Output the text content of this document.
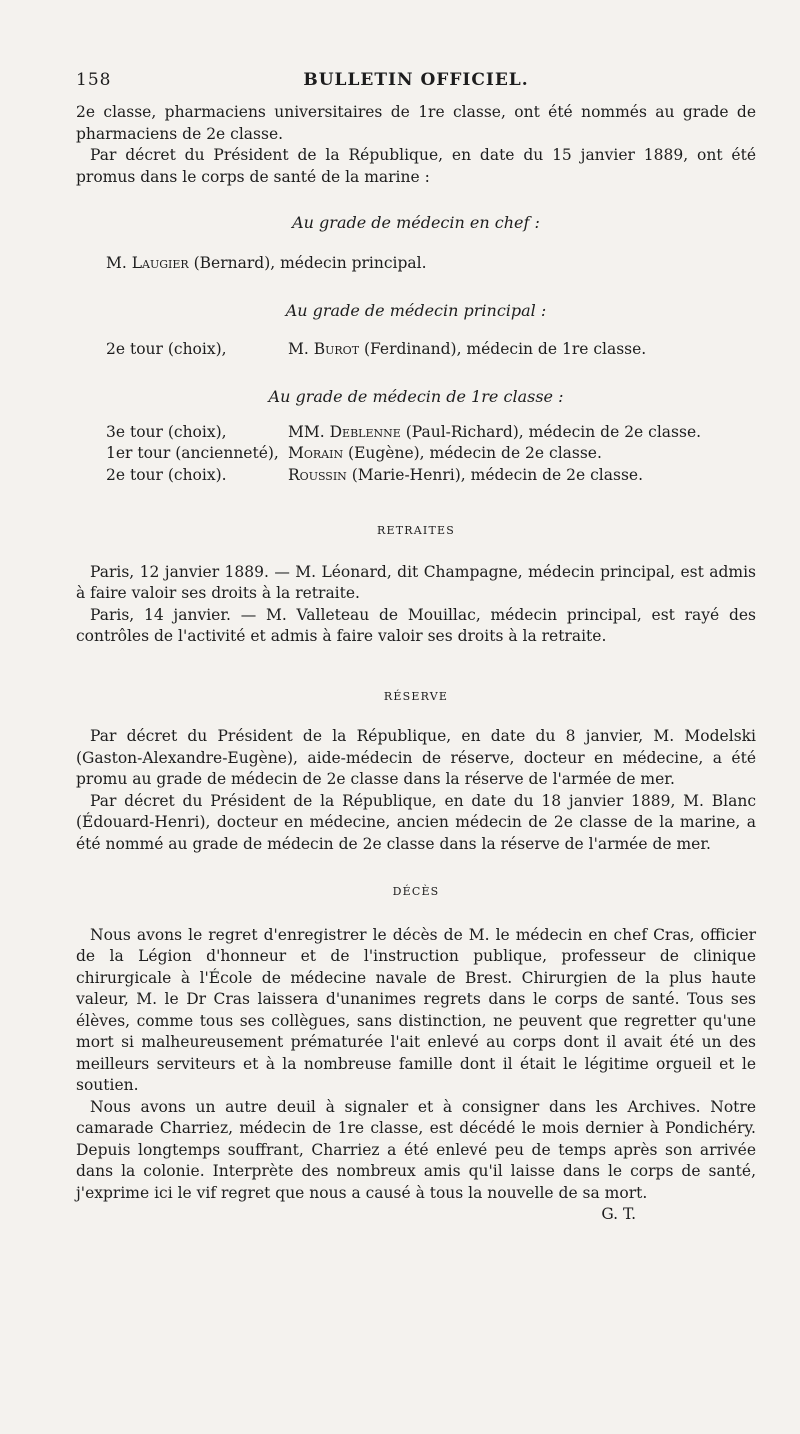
158	BULLETIN OFFICIEL.

2e classe, pharmaciens universitaires de 1re classe, ont été nommés au grade de pharmaciens de 2e classe.

Par décret du Président de la République, en date du 15 janvier 1889, ont été promus dans le corps de santé de la marine :

Au grade de médecin en chef :

M. Laugier (Bernard), médecin principal.

Au grade de médecin principal :

2e tour (choix),	M. Burot (Ferdinand), médecin de 1re classe.

Au grade de médecin de 1re classe :

3e tour (choix),	MM. Deblenne (Paul-Richard), médecin de 2e classe.
1er tour (ancienneté), Morain (Eugène), médecin de 2e classe.
2e tour (choix).	Roussin (Marie-Henri), médecin de 2e classe.

RETRAITES

Paris, 12 janvier 1889. — M. Léonard, dit Champagne, médecin principal, est admis à faire valoir ses droits à la retraite.

Paris, 14 janvier. — M. Valleteau de Mouillac, médecin principal, est rayé des contrôles de l'activité et admis à faire valoir ses droits à la retraite.

RÉSERVE

Par décret du Président de la République, en date du 8 janvier, M. Modelski (Gaston-Alexandre-Eugène), aide-médecin de réserve, docteur en médecine, a été promu au grade de médecin de 2e classe dans la réserve de l'armée de mer.

Par décret du Président de la République, en date du 18 janvier 1889, M. Blanc (Édouard-Henri), docteur en médecine, ancien médecin de 2e classe de la marine, a été nommé au grade de médecin de 2e classe dans la réserve de l'armée de mer.

DÉCÈS

Nous avons le regret d'enregistrer le décès de M. le médecin en chef Cras, officier de la Légion d'honneur et de l'instruction publique, professeur de clinique chirurgicale à l'École de médecine navale de Brest. Chirurgien de la plus haute valeur, M. le Dr Cras laissera d'unanimes regrets dans le corps de santé. Tous ses élèves, comme tous ses collègues, sans distinction, ne peuvent que regretter qu'une mort si malheureusement prématurée l'ait enlevé au corps dont il avait été un des meilleurs serviteurs et à la nombreuse famille dont il était le légitime orgueil et le soutien.

Nous avons un autre deuil à signaler et à consigner dans les Archives. Notre camarade Charriez, médecin de 1re classe, est décédé le mois dernier à Pondichéry. Depuis longtemps souffrant, Charriez a été enlevé peu de temps après son arrivée dans la colonie. Interprète des nombreux amis qu'il laisse dans le corps de santé, j'exprime ici le vif regret que nous a causé à tous la nouvelle de sa mort.

G. T.
